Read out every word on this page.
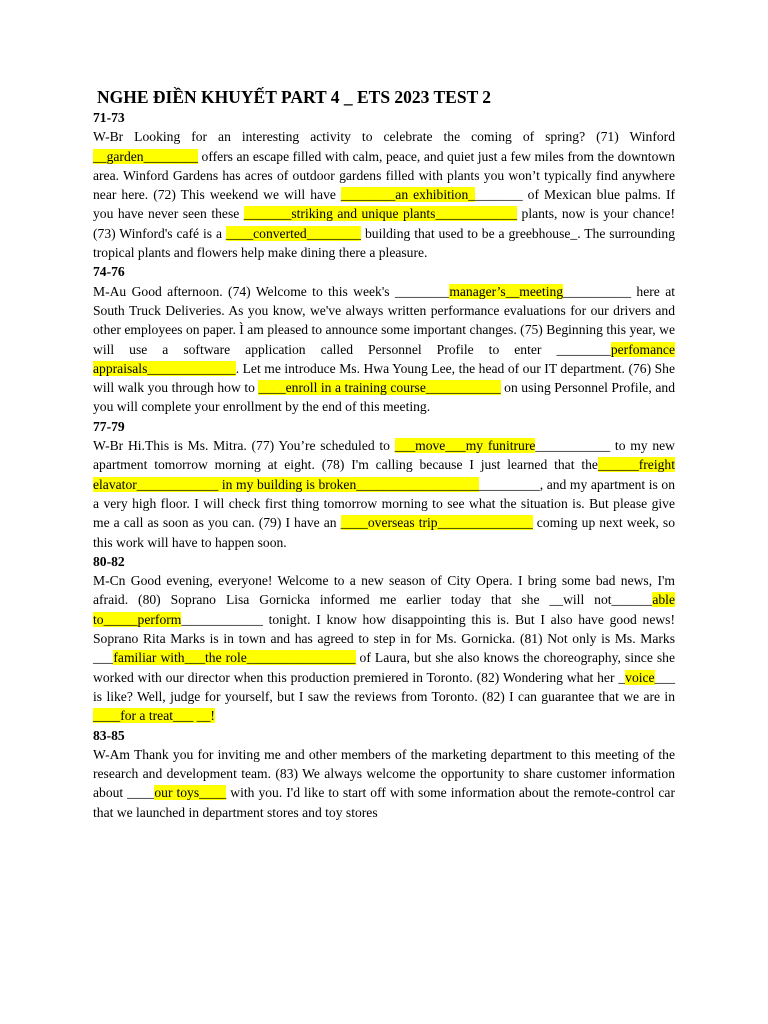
NGHE ĐIỀN KHUYẾT PART 4 _ ETS 2023 TEST 2
71-73

W-Br Looking for an interesting activity to celebrate the coming of spring? (71) Winford __garden________ offers an escape filled with calm, peace, and quiet just a few miles from the downtown area. Winford Gardens has acres of outdoor gardens filled with plants you won’t typically find anywhere near here. (72) This weekend we will have ________an exhibition________ of Mexican blue palms. If you have never seen these _______striking and unique plants____________ plants, now is your chance! (73) Winford's café is a ____converted________ building that used to be a greebhouse_. The surrounding tropical plants and flowers help make dining there a pleasure.

74-76

M-Au Good afternoon. (74) Welcome to this week's ________manager’s__meeting__________ here at South Truck Deliveries. As you know, we've always written performance evaluations for our drivers and other employees on paper. Ì am pleased to announce some important changes. (75) Beginning this year, we will use a software application called Personnel Profile to enter ________perfomance appraisals_____________. Let me introduce Ms. Hwa Young Lee, the head of our IT department. (76) She will walk you through how to ____enroll in a training course___________ on using Personnel Profile, and you will complete your enrollment by the end of this meeting.

77-79

W-Br Hi.This is Ms. Mitra. (77) You’re scheduled to ___move___my funitrure___________ to my new apartment tomorrow morning at eight. (78) I'm calling because I just learned that the______freight elavator____________ in my building is broken___________________________, and my apartment is on a very high floor. I will check first thing tomorrow morning to see what the situation is. But please give me a call as soon as you can. (79) I have an ____overseas trip______________ coming up next week, so this work will have to happen soon.

80-82

M-Cn Good evening, everyone! Welcome to a new season of City Opera. I bring some bad news, I'm afraid. (80) Soprano Lisa Gornicka informed me earlier today that she __will not______able to_____perform____________ tonight. I know how disappointing this is. But I also have good news! Soprano Rita Marks is in town and has agreed to step in for Ms. Gornicka. (81) Not only is Ms. Marks ___familiar with___the role________________ of Laura, but she also knows the choreography, since she worked with our director when this production premiered in Toronto. (82) Wondering what her _voice___ is like? Well, judge for yourself, but I saw the reviews from Toronto. (82) I can guarantee that we are in ____for a treat___ __!

83-85

W-Am Thank you for inviting me and other members of the marketing department to this meeting of the research and development team. (83) We always welcome the opportunity to share customer information about ____our toys____ with you. I'd like to start off with some information about the remote-control car that we launched in department stores and toy stores
